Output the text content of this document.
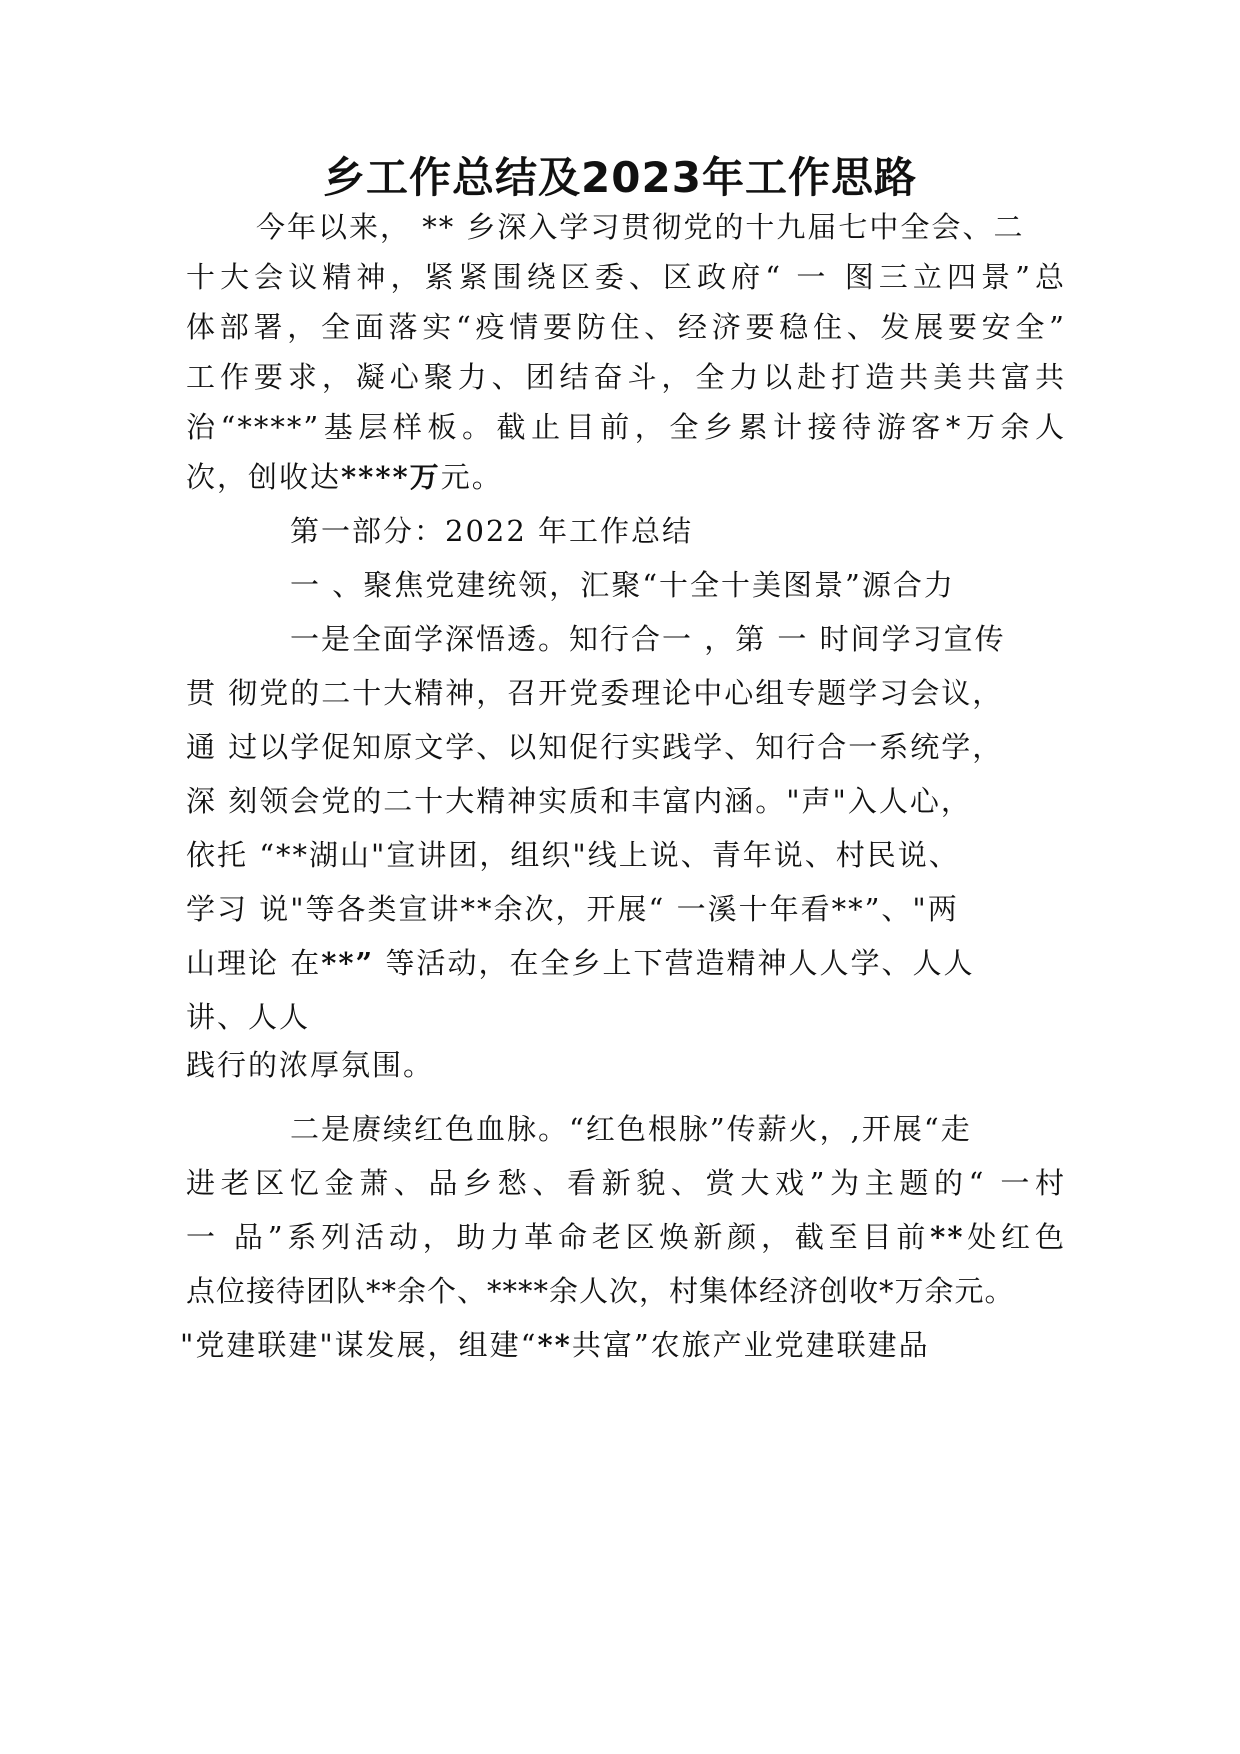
乡工作总结及2023年工作思路
今年以来， ** 乡深入学习贯彻党的十九届七中全会、二
十大会议精神，紧紧围绕区委、区政府“ 一 图三立四景”总
体部署，全面落实“疫情要防住、经济要稳住、发展要安全”
工作要求，凝心聚力、团结奋斗，全力以赴打造共美共富共
治“****”基层样板。截止目前，全乡累计接待游客*万余人
次，创收达****万元。
第一部分：2022 年工作总结
一 、聚焦党建统领，汇聚“十全十美图景”源合力
一是全面学深悟透。知行合一 ，第 一 时间学习宣传
贯 彻党的二十大精神，召开党委理论中心组专题学习会议，
通 过以学促知原文学、以知促行实践学、知行合一系统学，
深 刻领会党的二十大精神实质和丰富内涵。"声"入人心，
依托 “**湖山"宣讲团，组织"线上说、青年说、村民说、
学习 说"等各类宣讲**余次，开展“ 一溪十年看**”、"两
山理论 在**” 等活动，在全乡上下营造精神人人学、人人
讲、人人
践行的浓厚氛围。
二是赓续红色血脉。“红色根脉”传薪火，,开展“走
进老区忆金萧、品乡愁、看新貌、赏大戏”为主题的“ 一村
一 品”系列活动，助力革命老区焕新颜，截至目前**处红色
点位接待团队**余个、****余人次，村集体经济创收*万余元。
"党建联建"谋发展，组建“**共富”农旅产业党建联建品
